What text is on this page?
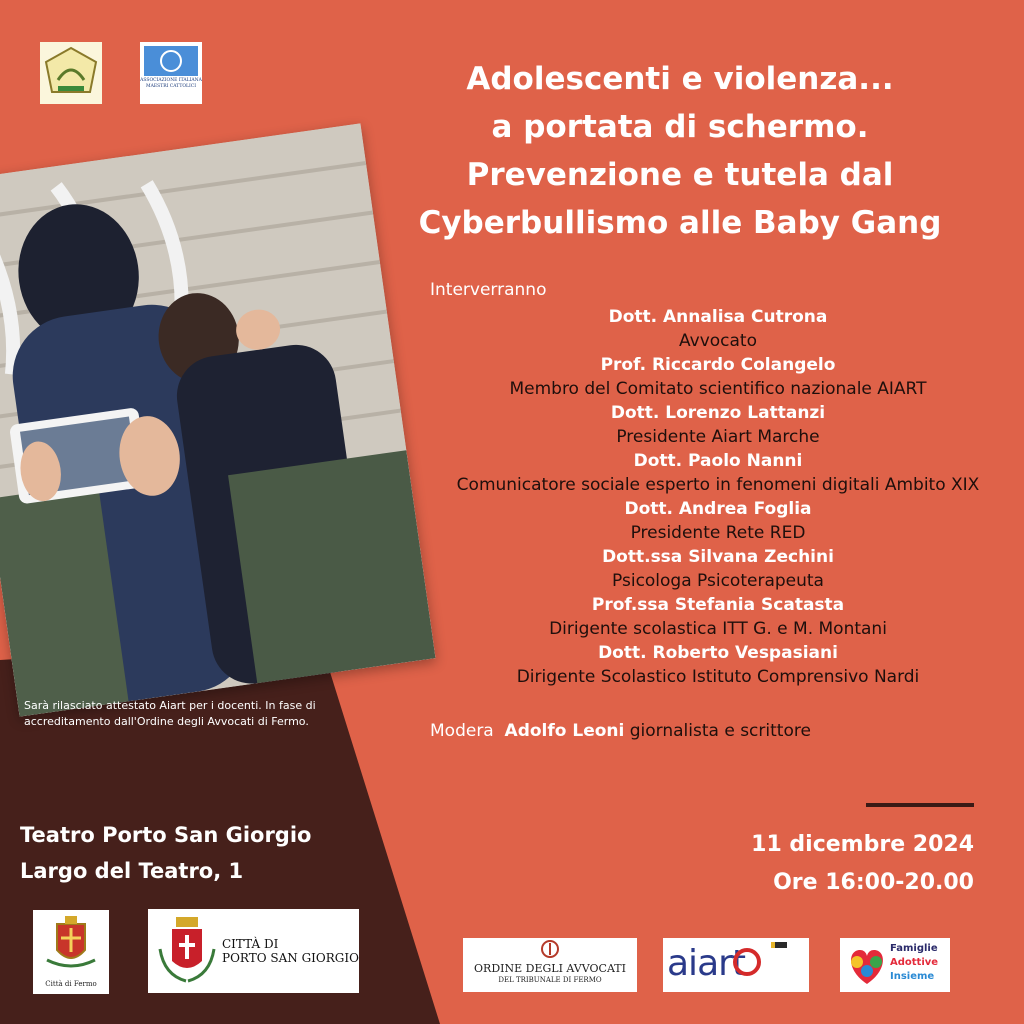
ASSOCIAZIONE ITALIANA
MAESTRI CATTOLICI	Adolescenti e violenza...
a portata di schermo.
Prevenzione e tutela dal
Cyberbullismo alle Baby Gang
Interverranno
Dott. Annalisa Cutrona
Avvocato
Prof. Riccardo Colangelo
Membro del Comitato scientifico nazionale AIART
Dott. Lorenzo Lattanzi
Presidente Aiart Marche
Dott. Paolo Nanni
Comunicatore sociale esperto in fenomeni digitali Ambito XIX
Dott. Andrea Foglia
Presidente Rete RED
Dott.ssa Silvana Zechini
Psicologa Psicoterapeuta
Prof.ssa Stefania Scatasta
Dirigente scolastica ITT G. e M. Montani
Dott. Roberto Vespasiani
Dirigente Scolastico Istituto Comprensivo Nardi
Modera Adolfo Leoni giornalista e scrittore
Sarà rilasciato attestato Aiart per i docenti. In fase di accreditamento dall'Ordine degli Avvocati di Fermo.
Teatro Porto San Giorgio
Largo del Teatro, 1
11 dicembre 2024
Ore 16:00-20.00
Città di Fermo
CITTÀ DI
PORTO SAN GIORGIO
ORDINE DEGLI AVVOCATI
DEL TRIBUNALE DI FERMO	aiart	Famiglie
Adottive
Insieme
